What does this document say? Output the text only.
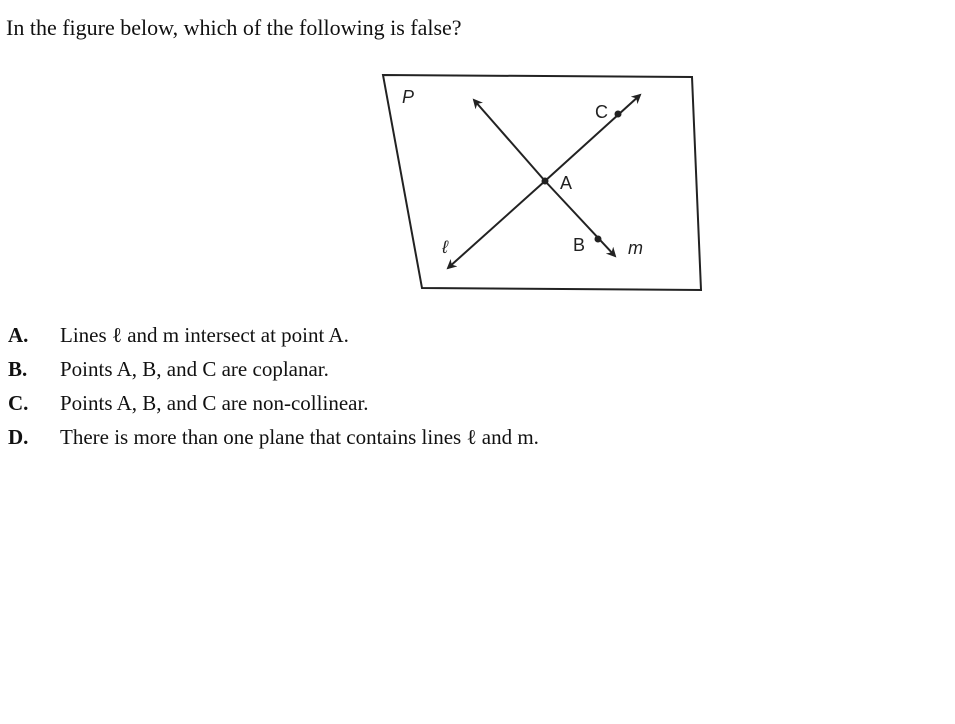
In the figure below, which of the following is false?
P
A
B
C
ℓ	m
A.	Lines ℓ and m intersect at point A.
B.	Points A, B, and C are coplanar.
C.	Points A, B, and C are non-collinear.
D.	There is more than one plane that contains lines ℓ and m.
